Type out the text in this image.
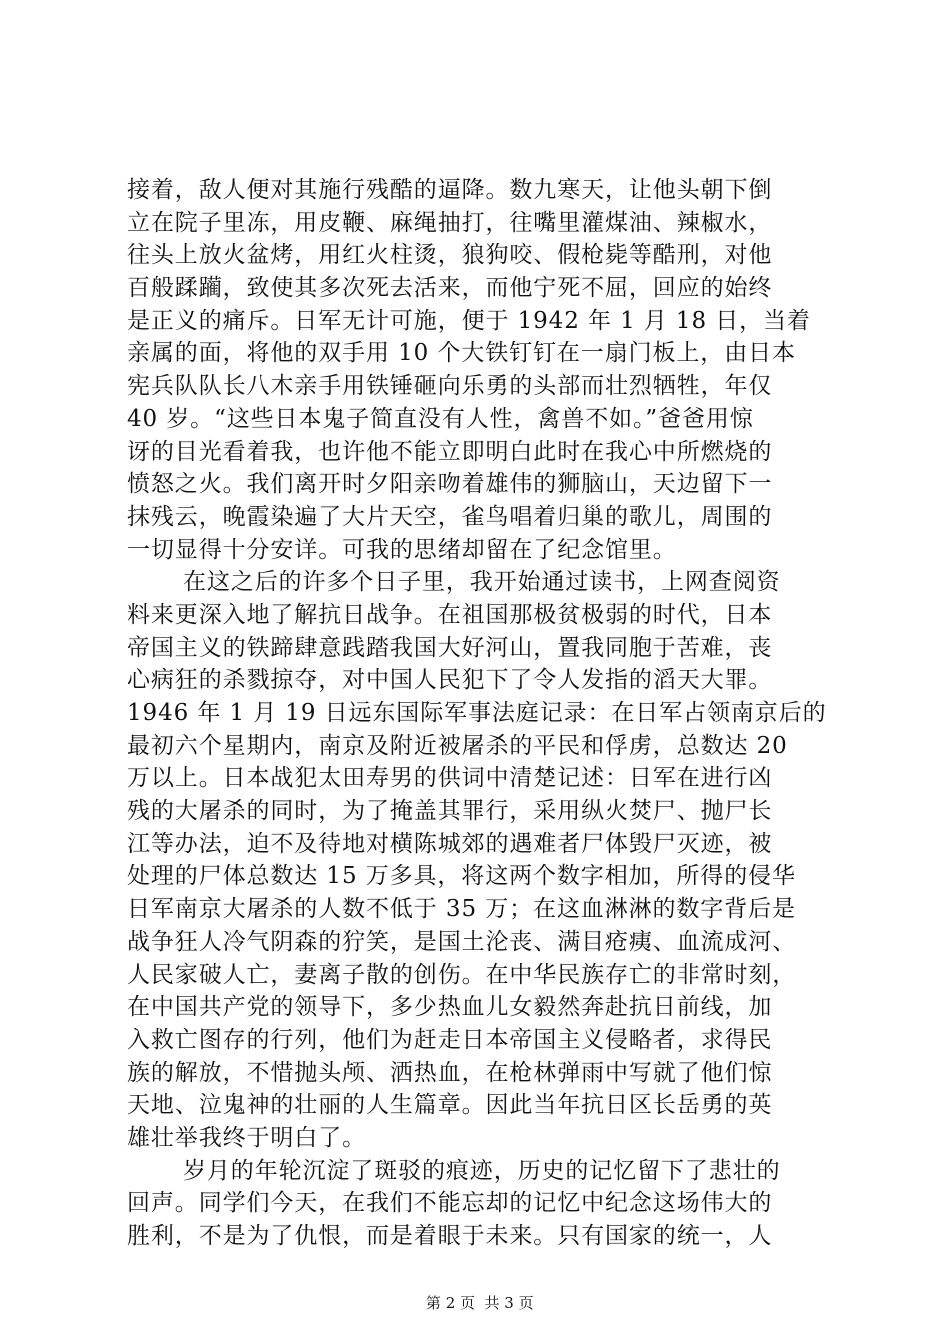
接着，敌人便对其施行残酷的逼降。数九寒天，让他头朝下倒
立在院子里冻，用皮鞭、麻绳抽打，往嘴里灌煤油、辣椒水，
往头上放火盆烤，用红火柱烫，狼狗咬、假枪毙等酷刑，对他
百般蹂躏，致使其多次死去活来，而他宁死不屈，回应的始终
是正义的痛斥。日军无计可施，便于 1942 年 1 月 18 日，当着
亲属的面，将他的双手用 10 个大铁钉钉在一扇门板上，由日本
宪兵队队长八木亲手用铁锤砸向乐勇的头部而壮烈牺牲，年仅
40 岁。“这些日本鬼子简直没有人性，禽兽不如。”爸爸用惊
讶的目光看着我，也许他不能立即明白此时在我心中所燃烧的
愤怒之火。我们离开时夕阳亲吻着雄伟的狮脑山，天边留下一
抹残云，晚霞染遍了大片天空，雀鸟唱着归巢的歌儿，周围的
一切显得十分安详。可我的思绪却留在了纪念馆里。
在这之后的许多个日子里，我开始通过读书，上网查阅资
料来更深入地了解抗日战争。在祖国那极贫极弱的时代，日本
帝国主义的铁蹄肆意践踏我国大好河山，置我同胞于苦难，丧
心病狂的杀戮掠夺，对中国人民犯下了令人发指的滔天大罪。
1946 年 1 月 19 日远东国际军事法庭记录：在日军占领南京后的
最初六个星期内，南京及附近被屠杀的平民和俘虏，总数达 20
万以上。日本战犯太田寿男的供词中清楚记述：日军在进行凶
残的大屠杀的同时，为了掩盖其罪行，采用纵火焚尸、抛尸长
江等办法，迫不及待地对横陈城郊的遇难者尸体毁尸灭迹，被
处理的尸体总数达 15 万多具，将这两个数字相加，所得的侵华
日军南京大屠杀的人数不低于 35 万；在这血淋淋的数字背后是
战争狂人冷气阴森的狞笑，是国土沦丧、满目疮痍、血流成河、
人民家破人亡，妻离子散的创伤。在中华民族存亡的非常时刻，
在中国共产党的领导下，多少热血儿女毅然奔赴抗日前线，加
入救亡图存的行列，他们为赶走日本帝国主义侵略者，求得民
族的解放，不惜抛头颅、洒热血，在枪林弹雨中写就了他们惊
天地、泣鬼神的壮丽的人生篇章。因此当年抗日区长岳勇的英
雄壮举我终于明白了。
岁月的年轮沉淀了斑驳的痕迹，历史的记忆留下了悲壮的
回声。同学们今天，在我们不能忘却的记忆中纪念这场伟大的
胜利，不是为了仇恨，而是着眼于未来。只有国家的统一，人

第 2 页  共 3 页
